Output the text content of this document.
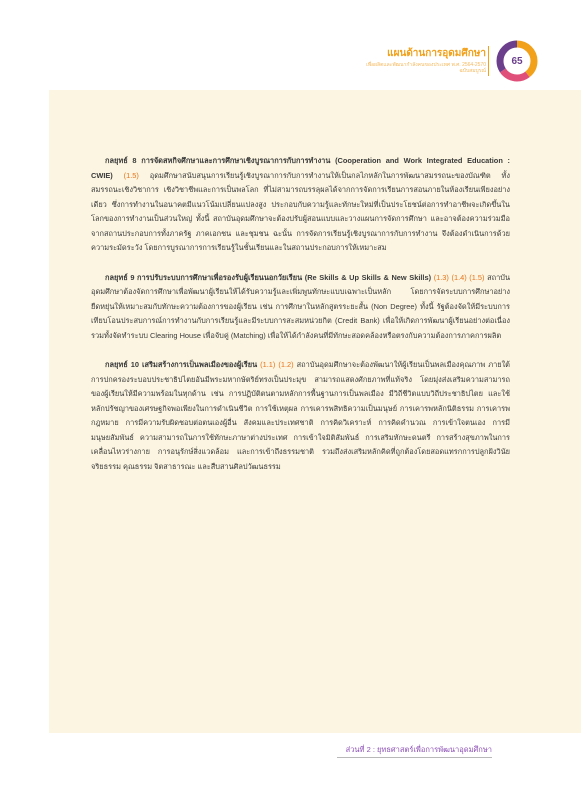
แผนด้านการอุดมศึกษา
เพื่อผลิตและพัฒนากำลังคนของประเทศ พ.ศ. 2564-2570
ฉบับสมบูรณ์
65

กลยุทธ์ 8 การจัดสหกิจศึกษาและการศึกษาเชิงบูรณาการกับการทำงาน (Cooperation and Work Integrated Education : CWIE) (1.5) อุดมศึกษาสนับสนุนการเรียนรู้เชิงบูรณาการกับการทำงานให้เป็นกลไกหลักในการพัฒนาสมรรถนะของบัณฑิต ทั้งสมรรถนะเชิงวิชาการ เชิงวิชาชีพและการเป็นพลโลก ที่ไม่สามารถบรรลุผลได้จากการจัดการเรียนการสอนภายในห้องเรียนเพียงอย่างเดียว ซึ่งการทำงานในอนาคตมีแนวโน้มเปลี่ยนแปลงสูง ประกอบกับความรู้และทักษะใหม่ที่เป็นประโยชน์ต่อการทำอาชีพจะเกิดขึ้นในโลกของการทำงานเป็นส่วนใหญ่ ทั้งนี้ สถาบันอุดมศึกษาจะต้องปรับผู้สอนแบบและวางแผนการจัดการศึกษา และอาจต้องความร่วมมือจากสถานประกอบการทั้งภาครัฐ ภาคเอกชน และชุมชน ฉะนั้น การจัดการเรียนรู้เชิงบูรณาการกับการทำงาน จึงต้องดำเนินการด้วยความระมัดระวัง โดยการบูรณาการการเรียนรู้ในชั้นเรียนและในสถานประกอบการให้เหมาะสม

กลยุทธ์ 9 การปรับระบบการศึกษาเพื่อรองรับผู้เรียนนอกวัยเรียน (Re Skills & Up Skills & New Skills) (1.3) (1.4) (1.5) สถาบันอุดมศึกษาต้องจัดการศึกษาเพื่อพัฒนาผู้เรียนให้ได้รับความรู้และเพิ่มพูนทักษะแบบเฉพาะเป็นหลัก โดยการจัดระบบการศึกษาอย่างยืดหยุ่นให้เหมาะสมกับทักษะความต้องการของผู้เรียน เช่น การศึกษาในหลักสูตรระยะสั้น (Non Degree) ทั้งนี้ รัฐต้องจัดให้มีระบบการเทียบโอนประสบการณ์การทำงานกับการเรียนรู้และมีระบบการสะสมหน่วยกิต (Credit Bank) เพื่อให้เกิดการพัฒนาผู้เรียนอย่างต่อเนื่อง รวมทั้งจัดทำระบบ Clearing House เพื่อจับคู่ (Matching) เพื่อให้ได้กำลังคนที่มีทักษะสอดคล้องหรือตรงกับความต้องการภาคการผลิต

กลยุทธ์ 10 เสริมสร้างการเป็นพลเมืองของผู้เรียน (1.1) (1.2) สถาบันอุดมศึกษาจะต้องพัฒนาให้ผู้เรียนเป็นพลเมืองคุณภาพ ภายใต้การปกครองระบอบประชาธิปไตยอันมีพระมหากษัตริย์ทรงเป็นประมุข สามารถแสดงศักยภาพที่แท้จริง โดยมุ่งส่งเสริมความสามารถของผู้เรียนให้มีความพร้อมในทุกด้าน เช่น การปฏิบัติตนตามหลักการพื้นฐานการเป็นพลเมือง มีวิถีชีวิตแบบวิถีประชาธิปไตย และใช้หลักปรัชญาของเศรษฐกิจพอเพียงในการดำเนินชีวิต การใช้เหตุผล การเคารพสิทธิความเป็นมนุษย์ การเคารพหลักนิติธรรม การเคารพกฎหมาย การมีความรับผิดชอบต่อตนเองผู้อื่น สังคมและประเทศชาติ การคิดวิเคราะห์ การคิดคำนวณ การเข้าใจตนเอง การมีมนุษยสัมพันธ์ ความสามารถในการใช้ทักษะภาษาต่างประเทศ การเข้าใจมิติสัมพันธ์ การเสริมทักษะดนตรี การสร้างสุขภาพในการเคลื่อนไหวร่างกาย การอนุรักษ์สิ่งแวดล้อม และการเข้าถึงธรรมชาติ รวมถึงส่งเสริมหลักคิดที่ถูกต้องโดยสอดแทรกการปลูกฝังวินัย จริยธรรม คุณธรรม จิตสาธารณะ และสืบสานศิลปวัฒนธรรม

ส่วนที่ 2 : ยุทธศาสตร์เพื่อการพัฒนาอุดมศึกษา
